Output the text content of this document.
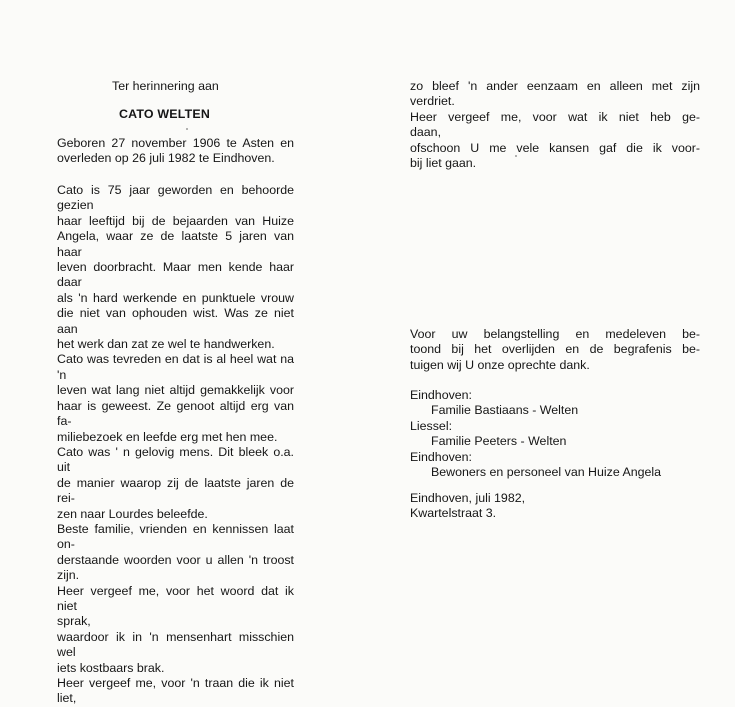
Ter herinnering aan
CATO WELTEN
Geboren 27 november 1906 te Asten en
overleden op 26 juli 1982 te Eindhoven.
Cato is 75 jaar geworden en behoorde gezien
haar leeftijd bij de bejaarden van Huize
Angela, waar ze de laatste 5 jaren van haar
leven doorbracht. Maar men kende haar daar
als 'n hard werkende en punktuele vrouw
die niet van ophouden wist. Was ze niet aan
het werk dan zat ze wel te handwerken.
Cato was tevreden en dat is al heel wat na 'n
leven wat lang niet altijd gemakkelijk voor
haar is geweest. Ze genoot altijd erg van fa-
miliebezoek en leefde erg met hen mee.
Cato was ' n gelovig mens. Dit bleek o.a. uit
de manier waarop zij de laatste jaren de rei-
zen naar Lourdes beleefde.
Beste familie, vrienden en kennissen laat on-
derstaande woorden voor u allen 'n troost
zijn.
Heer vergeef me, voor het woord dat ik niet
sprak,
waardoor ik in 'n mensenhart misschien wel
iets kostbaars brak.
Heer vergeef me, voor 'n traan die ik niet
liet,
zo bleef 'n ander eenzaam en alleen met zijn
verdriet.
Heer vergeef me, voor wat ik niet heb ge-
daan,
ofschoon U me vele kansen gaf die ik voor-
bij liet gaan.
Voor uw belangstelling en medeleven be-
toond bij het overlijden en de begrafenis be-
tuigen wij U onze oprechte dank.
Eindhoven:
Familie Bastiaans - Welten
Liessel:
Familie Peeters - Welten
Eindhoven:
Bewoners en personeel van Huize Angela
Eindhoven, juli 1982,
Kwartelstraat 3.
